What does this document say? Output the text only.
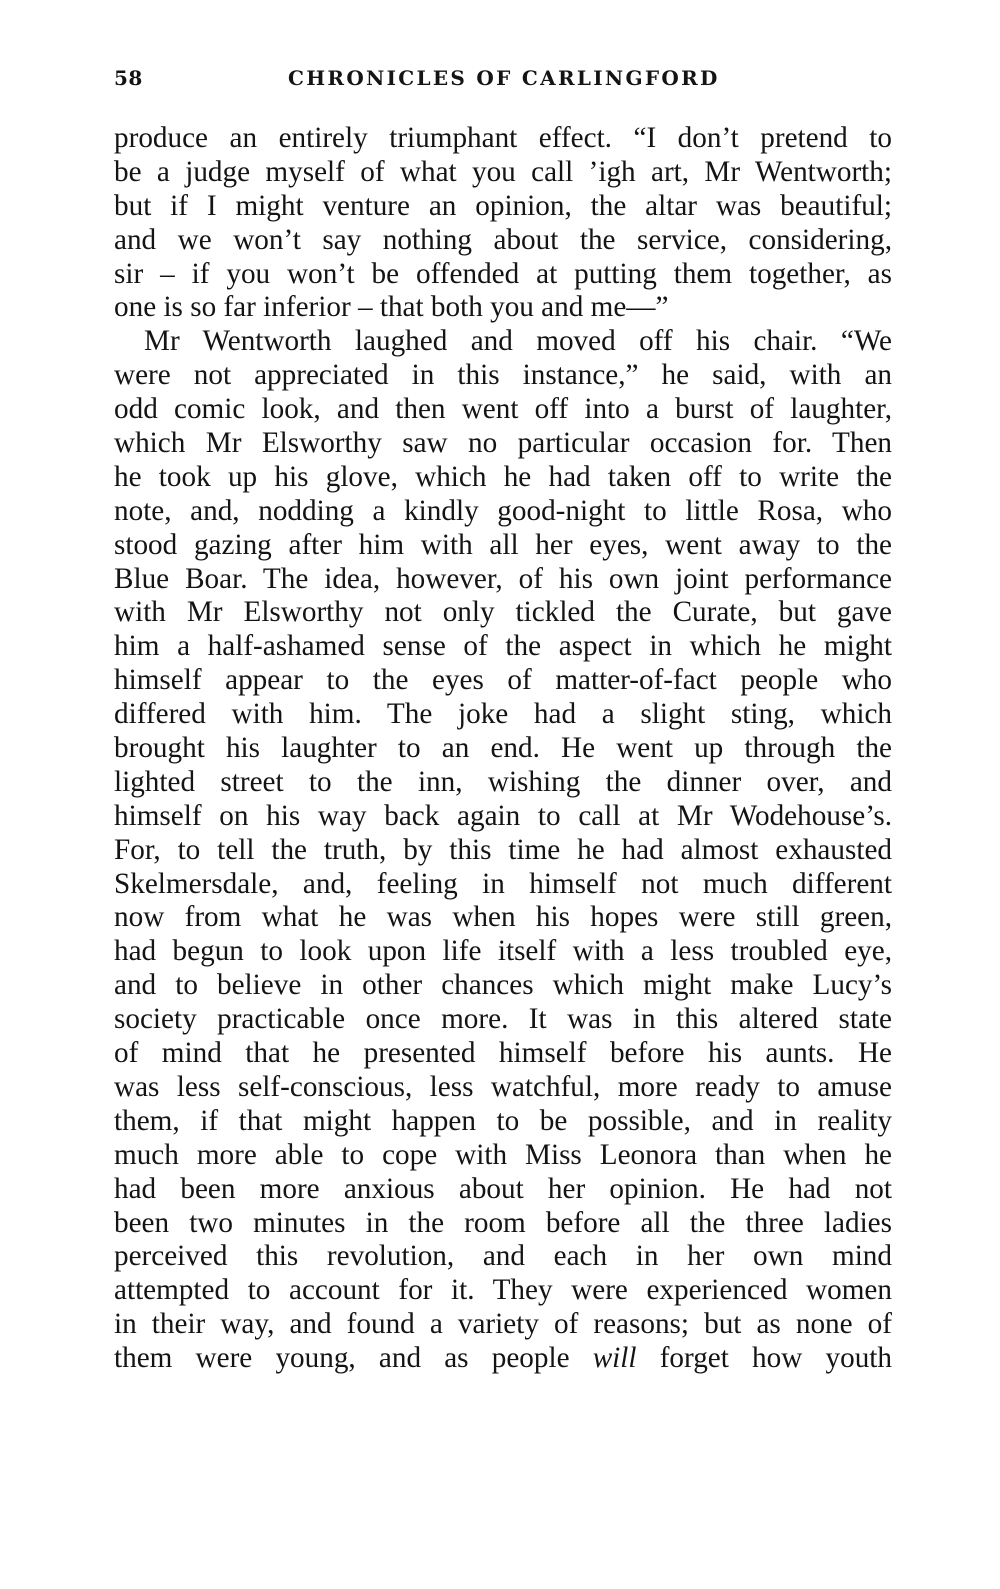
58	CHRONICLES OF CARLINGFORD
produce an entirely triumphant effect. “I don’t pretend to
be a judge myself of what you call ’igh art, Mr Wentworth;
but if I might venture an opinion, the altar was beautiful;
and we won’t say nothing about the service, considering,
sir – if you won’t be offended at putting them together, as
one is so far inferior – that both you and me—”
Mr Wentworth laughed and moved off his chair. “We
were not appreciated in this instance,” he said, with an
odd comic look, and then went off into a burst of laughter,
which Mr Elsworthy saw no particular occasion for. Then
he took up his glove, which he had taken off to write the
note, and, nodding a kindly good-night to little Rosa, who
stood gazing after him with all her eyes, went away to the
Blue Boar. The idea, however, of his own joint performance
with Mr Elsworthy not only tickled the Curate, but gave
him a half-ashamed sense of the aspect in which he might
himself appear to the eyes of matter-of-fact people who
differed with him. The joke had a slight sting, which
brought his laughter to an end. He went up through the
lighted street to the inn, wishing the dinner over, and
himself on his way back again to call at Mr Wodehouse’s.
For, to tell the truth, by this time he had almost exhausted
Skelmersdale, and, feeling in himself not much different
now from what he was when his hopes were still green,
had begun to look upon life itself with a less troubled eye,
and to believe in other chances which might make Lucy’s
society practicable once more. It was in this altered state
of mind that he presented himself before his aunts. He
was less self-conscious, less watchful, more ready to amuse
them, if that might happen to be possible, and in reality
much more able to cope with Miss Leonora than when he
had been more anxious about her opinion. He had not
been two minutes in the room before all the three ladies
perceived this revolution, and each in her own mind
attempted to account for it. They were experienced women
in their way, and found a variety of reasons; but as none of
them were young, and as people will forget how youth
